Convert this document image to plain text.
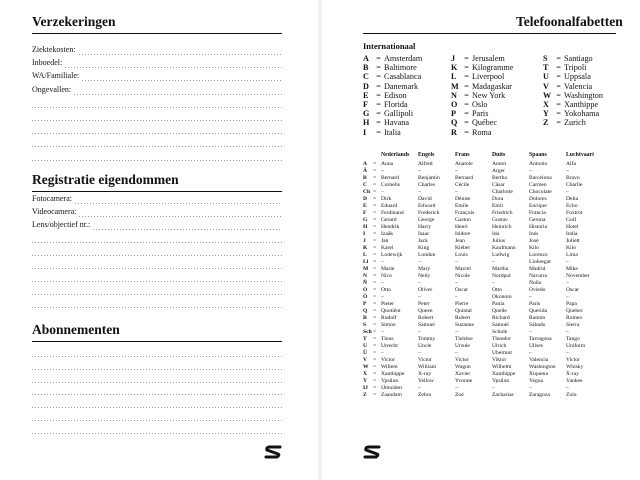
Verzekeringen
Ziektekosten:
Inboedel:
WA/Familiale:
Ongevallen:
Registratie eigendommen
Fotocamera:
Videocamera:
Lens/objectief nr.:
Abonnementen
Telefoonalfabetten
Internationaal
A = Amsterdam
B = Baltimore
C = Casablanca
D = Danemark
E = Edison
F = Florida
G = Gallipoli
H = Havana
I	= Italia
J	= Jerusalem
K = Kilogramme
L = Liverpool
M = Madagaskar
N = New York
O = Oslo
P = Paris
Q = Québec
R = Roma
S	= Santiago
T = Tripoli
U = Uppsala
V = Valencia
W = Washington
X = Xanthippe
Y = Yokohama
Z = Zurich
Nederlands	Engels	Frans	Duits	Spaans	Luchtvaart
A	= Anna	Alfred	Anatole	Anton	Antonio	Alfa
Ä	= –	–	–	Ärger	–	–
B	= Bernard	Benjamin	Bernard	Bertha	Barcelona	Bravo
C	= Cornelis	Charles	Cécile	Cäsar	Carmen	Charlie
Ch = –	–	–	Charlotte	Chocolate	–
D	= Dirk	David	Dénise	Dora	Dolores	Delta
E	= Eduard	Edward	Émile	Emil	Enrique	Echo
F	= Ferdinand	Frederick	François	Friedrich	Francia	Foxtrot
G	= Gerard	George	Gaston	Gustav	Gerona	Golf
H	= Hendrik	Harry	Henri	Heinrich	Historia	Hotel
I	= Izaäk	Isaac	Isidore	Ida	Inés	India
J	= Jan	Jack	Jean	Julius	José	Juliett
K	= Karel	King	Kléber	Kaufmann	Kilo	Kilo
L	= Lodewijk	London	Louis	Ludwig	Lorenzo	Lima
Ll = –	–	–	–	Llobregat	–
M = Marie	Mary	Marcel	Martha	Madrid	Mike
N	= Nico	Nelly	Nicole	Nordpol	Navarra	November
Ñ	= –	–	–	–	Ñoño	–
O	= Otto	Oliver	Oscar	Otto	Oviedo	Oscar
Ö	= –	–	–	Ökonom	–	–
P	= Pieter	Peter	Pierre	Paula	Paris	Papa
Q	= Quotiënt	Queen	Quintal	Quelle	Querida	Quebec
R	= Rudolf	Robert	Robert	Richard	Ramón	Romeo
S	= Simon	Samuel	Suzanne	Samuel	Sábado	Sierra
Sch = –	–	–	Schule	–	–
T	= Tinus	Tommy	Thérèse	Theodor	Tarragona	Tango
U	= Utrecht	Uncle	Ursule	Ulrich	Ulises	Uniform
Ü	= –	–	–	Übermut	–	–
V	= Victor	Victor	Victor	Viktor	Valencia	Victor
W = Willem	William	Wagon	Wilhelm	Washington	Whisky
X	= Xanthippe	X-ray	Xavier	Xanthippe	Xiquena	X-ray
Y	= Ypsilon	Yellow	Yvonne	Ypsilon	Yegua	Yankee
IJ = IJmuiden	–	–	–	–	–
Z	= Zaandam	Zebra	Zoé	Zacharias	Zaragoza	Zulu
